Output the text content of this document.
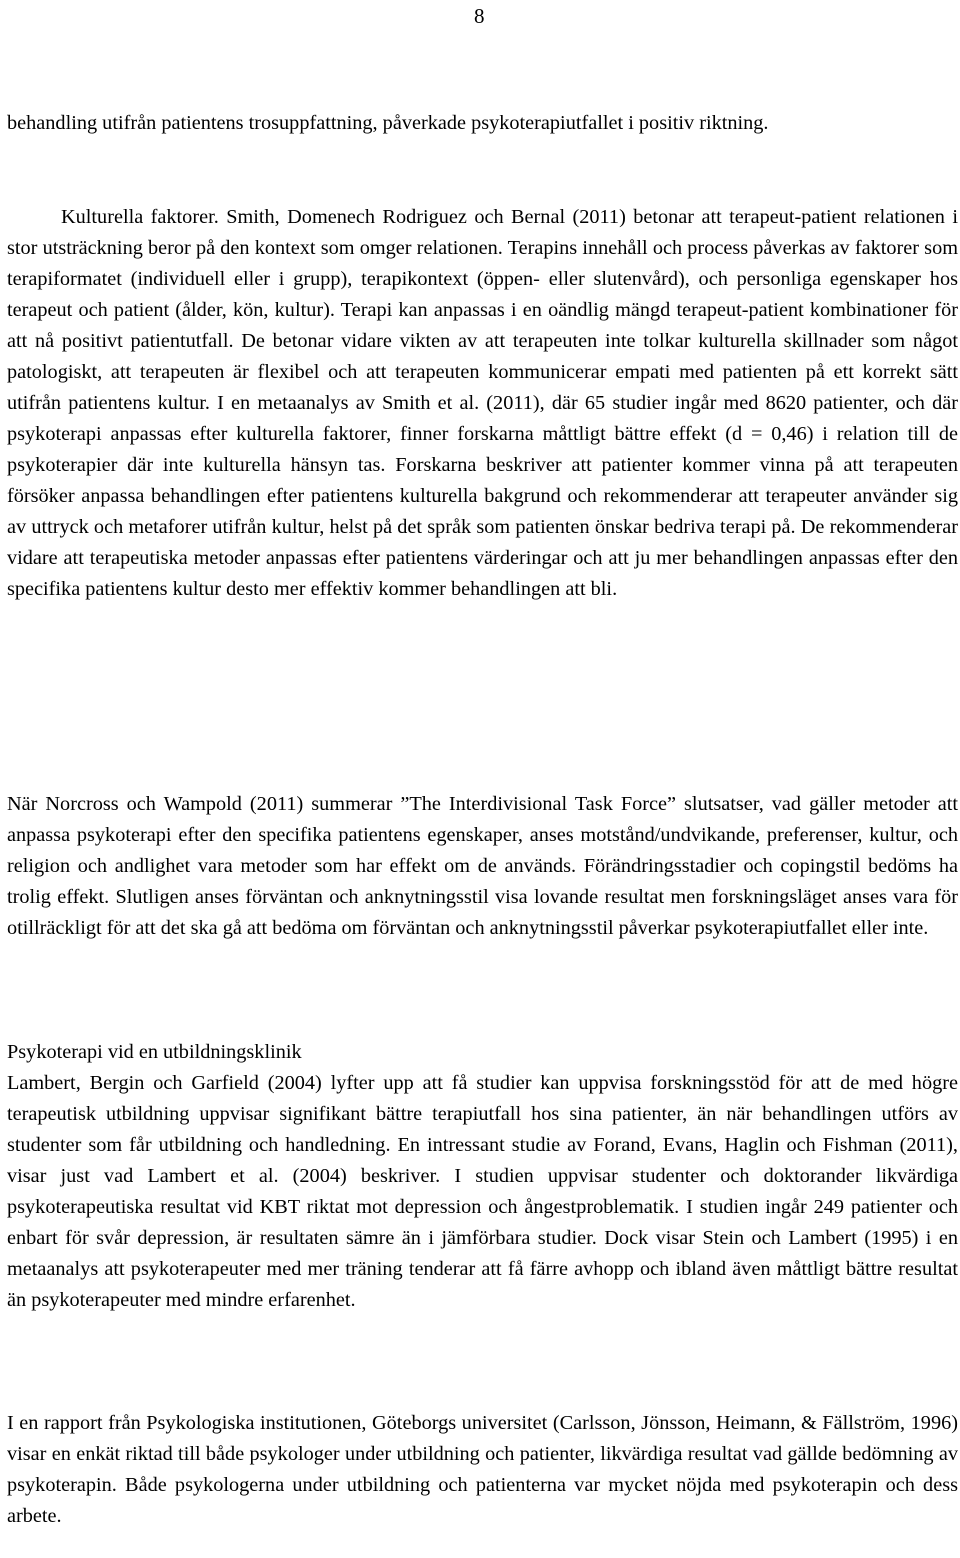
8

behandling utifrån patientens trosuppfattning, påverkade psykoterapiutfallet i positiv riktning.

Kulturella faktorer. Smith, Domenech Rodriguez och Bernal (2011) betonar att terapeut-patient relationen i stor utsträckning beror på den kontext som omger relationen. Terapins innehåll och process påverkas av faktorer som terapiformatet (individuell eller i grupp), terapikontext (öppen- eller slutenvård), och personliga egenskaper hos terapeut och patient (ålder, kön, kultur). Terapi kan anpassas i en oändlig mängd terapeut-patient kombinationer för att nå positivt patientutfall. De betonar vidare vikten av att terapeuten inte tolkar kulturella skillnader som något patologiskt, att terapeuten är flexibel och att terapeuten kommunicerar empati med patienten på ett korrekt sätt utifrån patientens kultur. I en metaanalys av Smith et al. (2011), där 65 studier ingår med 8620 patienter, och där psykoterapi anpassas efter kulturella faktorer, finner forskarna måttligt bättre effekt (d = 0,46) i relation till de psykoterapier där inte kulturella hänsyn tas. Forskarna beskriver att patienter kommer vinna på att terapeuten försöker anpassa behandlingen efter patientens kulturella bakgrund och rekommenderar att terapeuter använder sig av uttryck och metaforer utifrån kultur, helst på det språk som patienten önskar bedriva terapi på. De rekommenderar vidare att terapeutiska metoder anpassas efter patientens värderingar och att ju mer behandlingen anpassas efter den specifika patientens kultur desto mer effektiv kommer behandlingen att bli.

När Norcross och Wampold (2011) summerar ”The Interdivisional Task Force” slutsatser, vad gäller metoder att anpassa psykoterapi efter den specifika patientens egenskaper, anses motstånd/undvikande, preferenser, kultur, och religion och andlighet vara metoder som har effekt om de används. Förändringsstadier och copingstil bedöms ha trolig effekt. Slutligen anses förväntan och anknytningsstil visa lovande resultat men forskningsläget anses vara för otillräckligt för att det ska gå att bedöma om förväntan och anknytningsstil påverkar psykoterapiutfallet eller inte.

Psykoterapi vid en utbildningsklinik

Lambert, Bergin och Garfield (2004) lyfter upp att få studier kan uppvisa forskningsstöd för att de med högre terapeutisk utbildning uppvisar signifikant bättre terapiutfall hos sina patienter, än när behandlingen utförs av studenter som får utbildning och handledning. En intressant studie av Forand, Evans, Haglin och Fishman (2011), visar just vad Lambert et al. (2004) beskriver. I studien uppvisar studenter och doktorander likvärdiga psykoterapeutiska resultat vid KBT riktat mot depression och ångestproblematik. I studien ingår 249 patienter och enbart för svår depression, är resultaten sämre än i jämförbara studier. Dock visar Stein och Lambert (1995) i en metaanalys att psykoterapeuter med mer träning tenderar att få färre avhopp och ibland även måttligt bättre resultat än psykoterapeuter med mindre erfarenhet.

I en rapport från Psykologiska institutionen, Göteborgs universitet (Carlsson, Jönsson, Heimann, & Fällström, 1996) visar en enkät riktad till både psykologer under utbildning och patienter, likvärdiga resultat vad gällde bedömning av psykoterapin. Både psykologerna under utbildning och patienterna var mycket nöjda med psykoterapin och dess arbete.
